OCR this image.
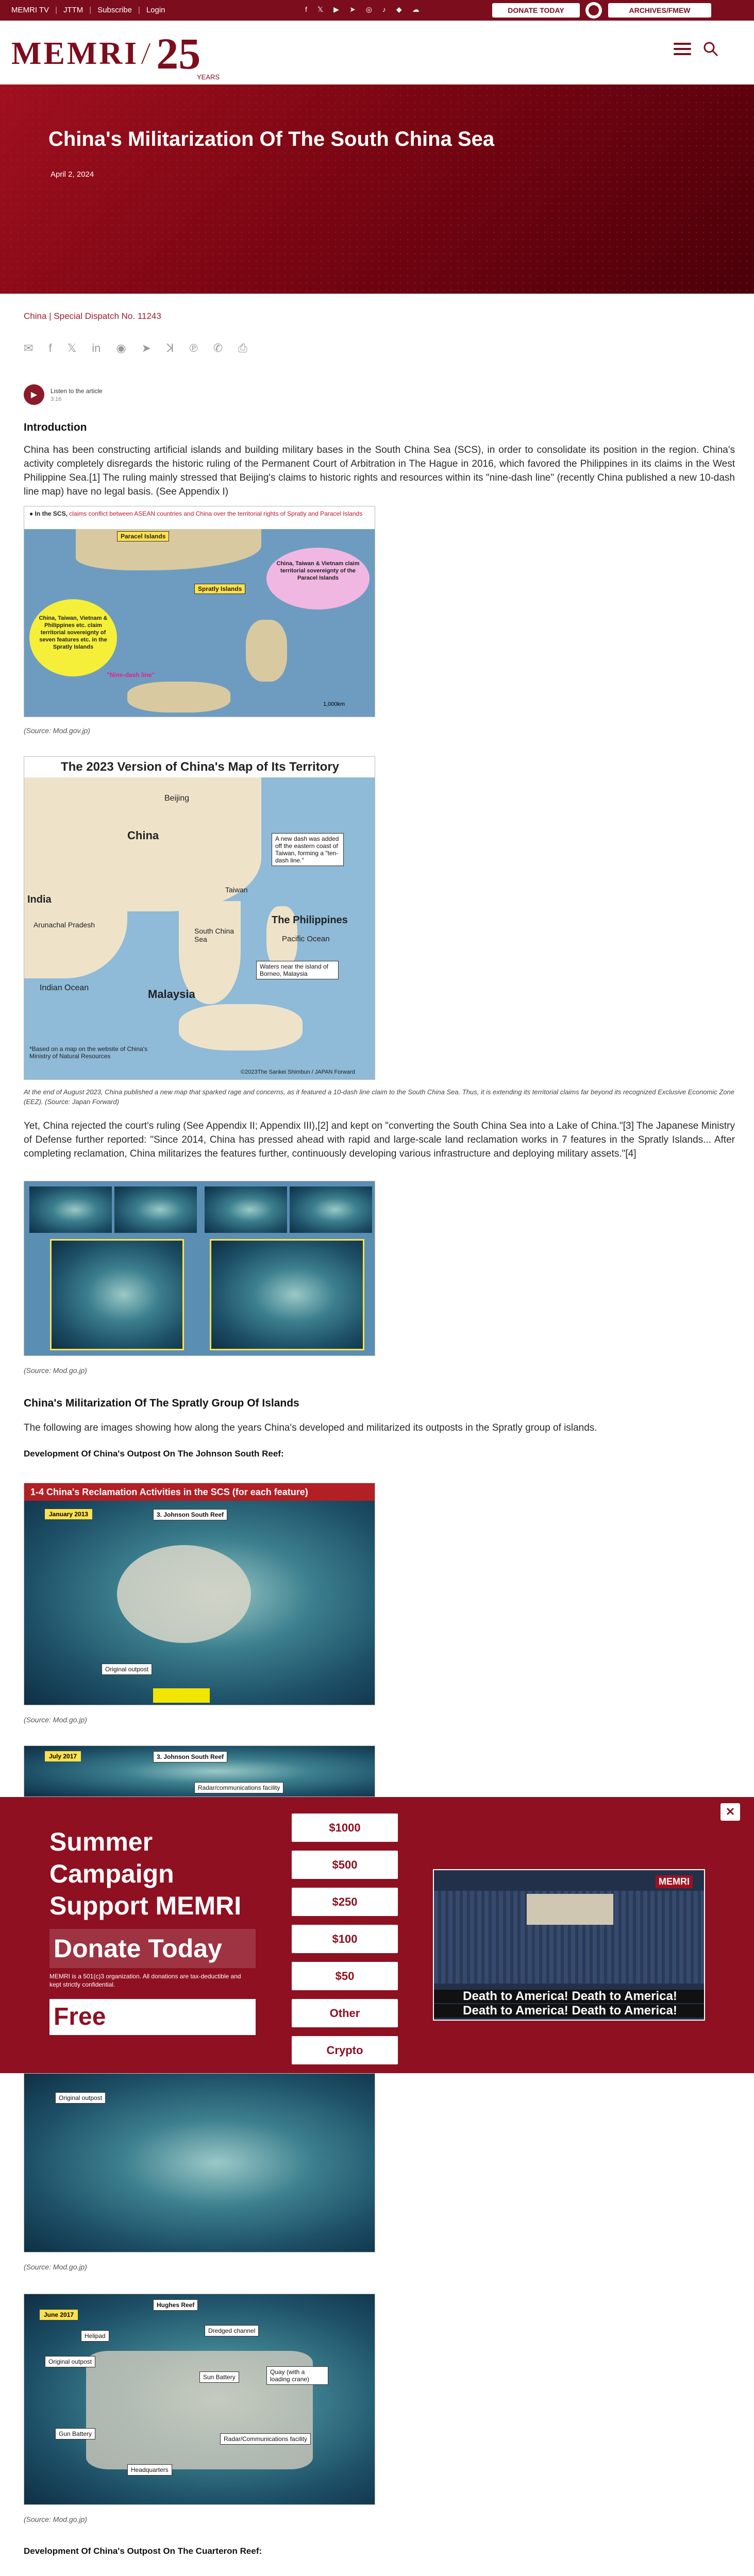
MEMRI TV | JTTM | Subscribe | Login	f 𝕏 ▶ ➤ ◎ ♪ ◆ ☁	DONATE TODAY	ARCHIVES/FMEW
MEMRI 25
YEARS
China's Militarization Of The South China Sea
April 2, 2024
China | Special Dispatch No. 11243
✉ f 𝕏 in ◉ ➤ ꓘ ℗ ✆ ⎙
▶	Listen to the article
3:16
Introduction
China has been constructing artificial islands and building military bases in the South China Sea (SCS), in order to consolidate its position in the region. China's activity completely disregards the historic ruling of the Permanent Court of Arbitration in The Hague in 2016, which favored the Philippines in its claims in the West Philippine Sea.[1] The ruling mainly stressed that Beijing's claims to historic rights and resources within its "nine-dash line" (recently China published a new 10-dash line map) have no legal basis. (See Appendix I)
● In the SCS, claims conflict between ASEAN countries and China over the territorial rights of Spratly and Paracel Islands
Paracel Islands
Spratly Islands
China, Taiwan, Vietnam & Philippines etc. claim territorial sovereignty of seven features etc. in the Spratly Islands
China, Taiwan & Vietnam claim territorial sovereignty of the Paracel Islands
"Nine-dash line"
1,000km
(Source: Mod.gov.jp)
The 2023 Version of China's Map of Its Territory
Beijing
China
India
Arunachal Pradesh
Taiwan
South China Sea
The Philippines
Pacific Ocean
Indian Ocean	Malaysia
A new dash was added off the eastern coast of Taiwan, forming a "ten-dash line."
Waters near the island of Borneo, Malaysia
*Based on a map on the website of China's Ministry of Natural Resources
©2023The Sankei Shimbun / JAPAN Forward
At the end of August 2023, China published a new map that sparked rage and concerns, as it featured a 10-dash line claim to the South China Sea. Thus, it is extending its territorial claims far beyond its recognized Exclusive Economic Zone (EEZ). (Source: Japan Forward)
Yet, China rejected the court's ruling (See Appendix II; Appendix III),[2] and kept on "converting the South China Sea into a Lake of China."[3] The Japanese Ministry of Defense further reported: "Since 2014, China has pressed ahead with rapid and large-scale land reclamation works in 7 features in the Spratly Islands... After completing reclamation, China militarizes the features further, continuously developing various infrastructure and deploying military assets."[4]
(Source: Mod.go.jp)
China's Militarization Of The Spratly Group Of Islands
The following are images showing how along the years China's developed and militarized its outposts in the Spratly group of islands.
Development Of China's Outpost On The Johnson South Reef:
1-4 China's Reclamation Activities in the SCS (for each feature)
January 2013	3. Johnson South Reef
Original outpost
(Source: Mod.go.jp)
July 2017	3. Johnson South Reef
Radar/communications facility
✕
Summer
Campaign
Support MEMRI
Donate Today
MEMRI is a 501(c)3 organization. All donations are tax-deductible and kept strictly confidential.
Free Subscription
$1000
$500
$250
$100
$50
Other
Crypto
MEMRI
Death to America! Death to America!
Death to America! Death to America!
Original outpost
(Source: Mod.go.jp)
June 2017
Hughes Reef
Helipad
Dredged channel
Quay (with a loading crane)
Sun Battery
Gun Battery
Radar/Communications facility
Headquarters
Original outpost
(Source: Mod.go.jp)
Development Of China's Outpost On The Cuarteron Reef:
